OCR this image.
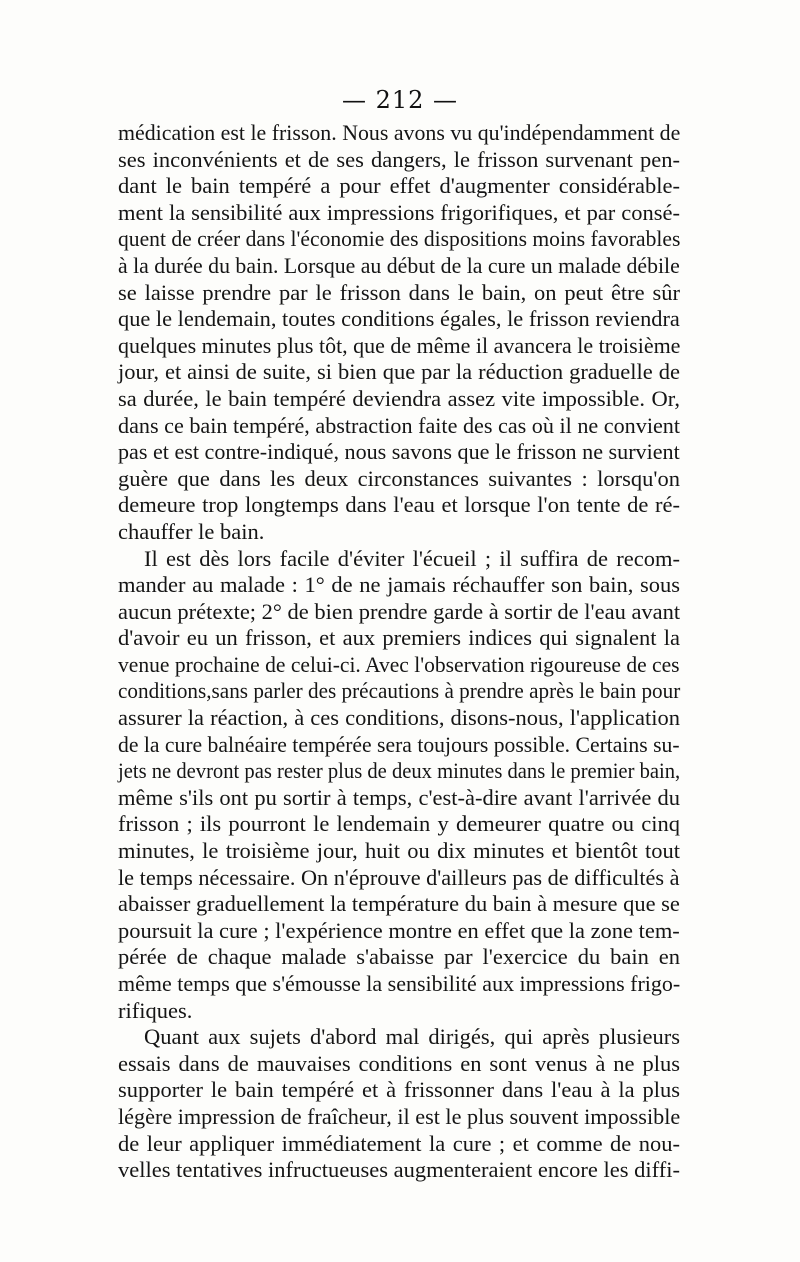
— 212 —
médication est le frisson. Nous avons vu qu'indépendamment de
ses inconvénients et de ses dangers, le frisson survenant pen-
dant le bain tempéré a pour effet d'augmenter considérable-
ment la sensibilité aux impressions frigorifiques, et par consé-
quent de créer dans l'économie des dispositions moins favorables
à la durée du bain. Lorsque au début de la cure un malade débile
se laisse prendre par le frisson dans le bain, on peut être sûr
que le lendemain, toutes conditions égales, le frisson reviendra
quelques minutes plus tôt, que de même il avancera le troisième
jour, et ainsi de suite, si bien que par la réduction graduelle de
sa durée, le bain tempéré deviendra assez vite impossible. Or,
dans ce bain tempéré, abstraction faite des cas où il ne convient
pas et est contre-indiqué, nous savons que le frisson ne survient
guère que dans les deux circonstances suivantes : lorsqu'on
demeure trop longtemps dans l'eau et lorsque l'on tente de ré-
chauffer le bain.
Il est dès lors facile d'éviter l'écueil ; il suffira de recom-
mander au malade : 1° de ne jamais réchauffer son bain, sous
aucun prétexte; 2° de bien prendre garde à sortir de l'eau avant
d'avoir eu un frisson, et aux premiers indices qui signalent la
venue prochaine de celui-ci. Avec l'observation rigoureuse de ces
conditions,sans parler des précautions à prendre après le bain pour
assurer la réaction, à ces conditions, disons-nous, l'application
de la cure balnéaire tempérée sera toujours possible. Certains su-
jets ne devront pas rester plus de deux minutes dans le premier bain,
même s'ils ont pu sortir à temps, c'est-à-dire avant l'arrivée du
frisson ; ils pourront le lendemain y demeurer quatre ou cinq
minutes, le troisième jour, huit ou dix minutes et bientôt tout
le temps nécessaire. On n'éprouve d'ailleurs pas de difficultés à
abaisser graduellement la température du bain à mesure que se
poursuit la cure ; l'expérience montre en effet que la zone tem-
pérée de chaque malade s'abaisse par l'exercice du bain en
même temps que s'émousse la sensibilité aux impressions frigo-
rifiques.
Quant aux sujets d'abord mal dirigés, qui après plusieurs
essais dans de mauvaises conditions en sont venus à ne plus
supporter le bain tempéré et à frissonner dans l'eau à la plus
légère impression de fraîcheur, il est le plus souvent impossible
de leur appliquer immédiatement la cure ; et comme de nou-
velles tentatives infructueuses augmenteraient encore les diffi-
